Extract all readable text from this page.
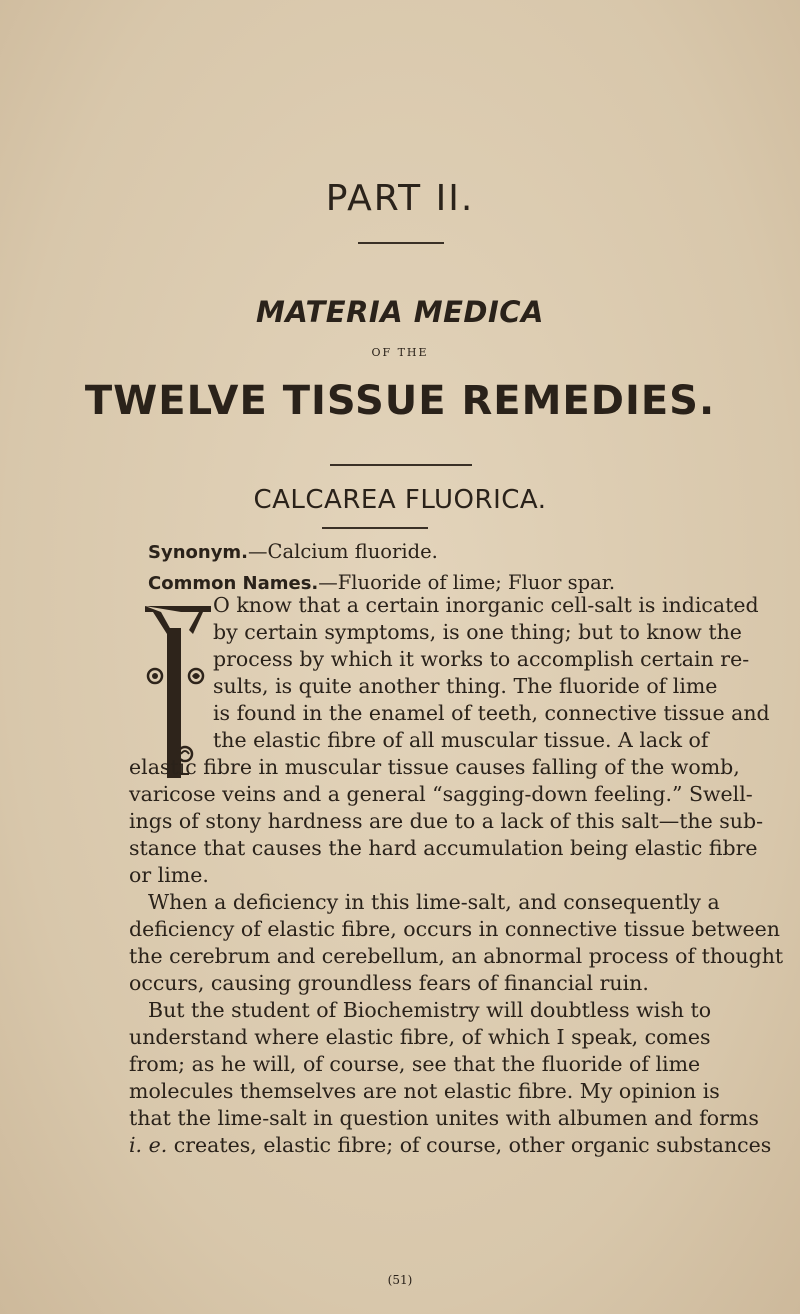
PART II.
MATERIA MEDICA
OF THE
TWELVE TISSUE REMEDIES.
CALCAREA FLUORICA.
Synonym.—Calcium fluoride.
Common Names.—Fluoride of lime; Fluor spar.
O know that a certain inorganic cell-salt is indicated
by certain symptoms, is one thing; but to know the
process by which it works to accomplish certain re-
sults, is quite another thing. The fluoride of lime
is found in the enamel of teeth, connective tissue and
the elastic fibre of all muscular tissue. A lack of
elastic fibre in muscular tissue causes falling of the womb,
varicose veins and a general “sagging-down feeling.” Swell-
ings of stony hardness are due to a lack of this salt—the sub-
stance that causes the hard accumulation being elastic fibre
or lime.
When a deficiency in this lime-salt, and consequently a
deficiency of elastic fibre, occurs in connective tissue between
the cerebrum and cerebellum, an abnormal process of thought
occurs, causing groundless fears of financial ruin.
But the student of Biochemistry will doubtless wish to
understand where elastic fibre, of which I speak, comes
from; as he will, of course, see that the fluoride of lime
molecules themselves are not elastic fibre. My opinion is
that the lime-salt in question unites with albumen and forms
i. e. creates, elastic fibre; of course, other organic substances
(51)
